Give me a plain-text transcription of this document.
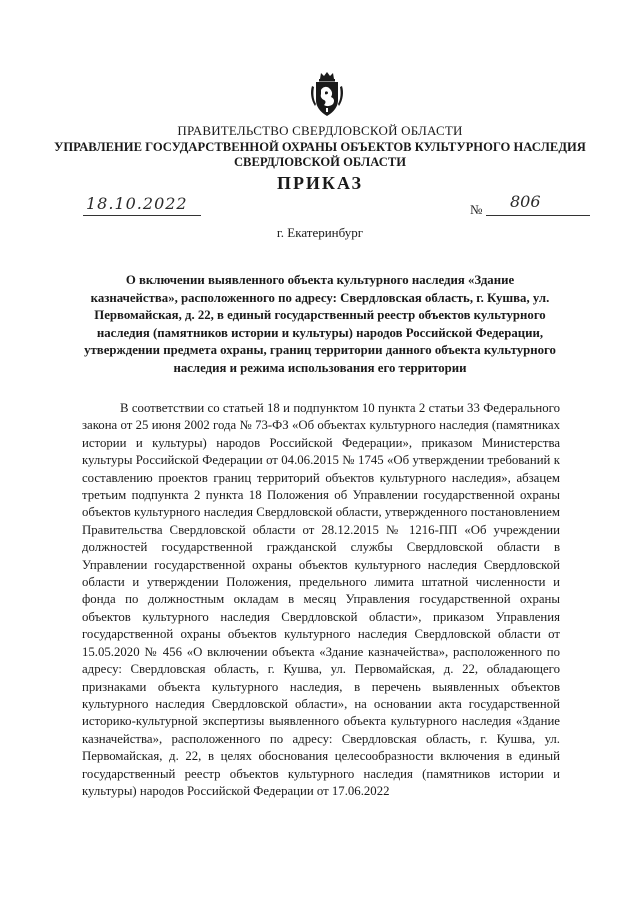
ПРАВИТЕЛЬСТВО СВЕРДЛОВСКОЙ ОБЛАСТИ
УПРАВЛЕНИЕ ГОСУДАРСТВЕННОЙ ОХРАНЫ ОБЪЕКТОВ КУЛЬТУРНОГО НАСЛЕДИЯ СВЕРДЛОВСКОЙ ОБЛАСТИ
ПРИКАЗ
18.10.2022	№ 806
г. Екатеринбург
О включении выявленного объекта культурного наследия «Здание казначейства», расположенного по адресу: Свердловская область, г. Кушва, ул. Первомайская, д. 22, в единый государственный реестр объектов культурного наследия (памятников истории и культуры) народов Российской Федерации, утверждении предмета охраны, границ территории данного объекта культурного наследия и режима использования его территории

В соответствии со статьей 18 и подпунктом 10 пункта 2 статьи 33 Федерального закона от 25 июня 2002 года № 73-ФЗ «Об объектах культурного наследия (памятниках истории и культуры) народов Российской Федерации», приказом Министерства культуры Российской Федерации от 04.06.2015 № 1745 «Об утверждении требований к составлению проектов границ территорий объектов культурного наследия», абзацем третьим подпункта 2 пункта 18 Положения об Управлении государственной охраны объектов культурного наследия Свердловской области, утвержденного постановлением Правительства Свердловской области от 28.12.2015 № 1216-ПП «Об учреждении должностей государственной гражданской службы Свердловской области в Управлении государственной охраны объектов культурного наследия Свердловской области и утверждении Положения, предельного лимита штатной численности и фонда по должностным окладам в месяц Управления государственной охраны объектов культурного наследия Свердловской области», приказом Управления государственной охраны объектов культурного наследия Свердловской области от 15.05.2020 № 456 «О включении объекта «Здание казначейства», расположенного по адресу: Свердловская область, г. Кушва, ул. Первомайская, д. 22, обладающего признаками объекта культурного наследия, в перечень выявленных объектов культурного наследия Свердловской области», на основании акта государственной историко-культурной экспертизы выявленного объекта культурного наследия «Здание казначейства», расположенного по адресу: Свердловская область, г. Кушва, ул. Первомайская, д. 22, в целях обоснования целесообразности включения в единый государственный реестр объектов культурного наследия (памятников истории и культуры) народов Российской Федерации от 17.06.2022
